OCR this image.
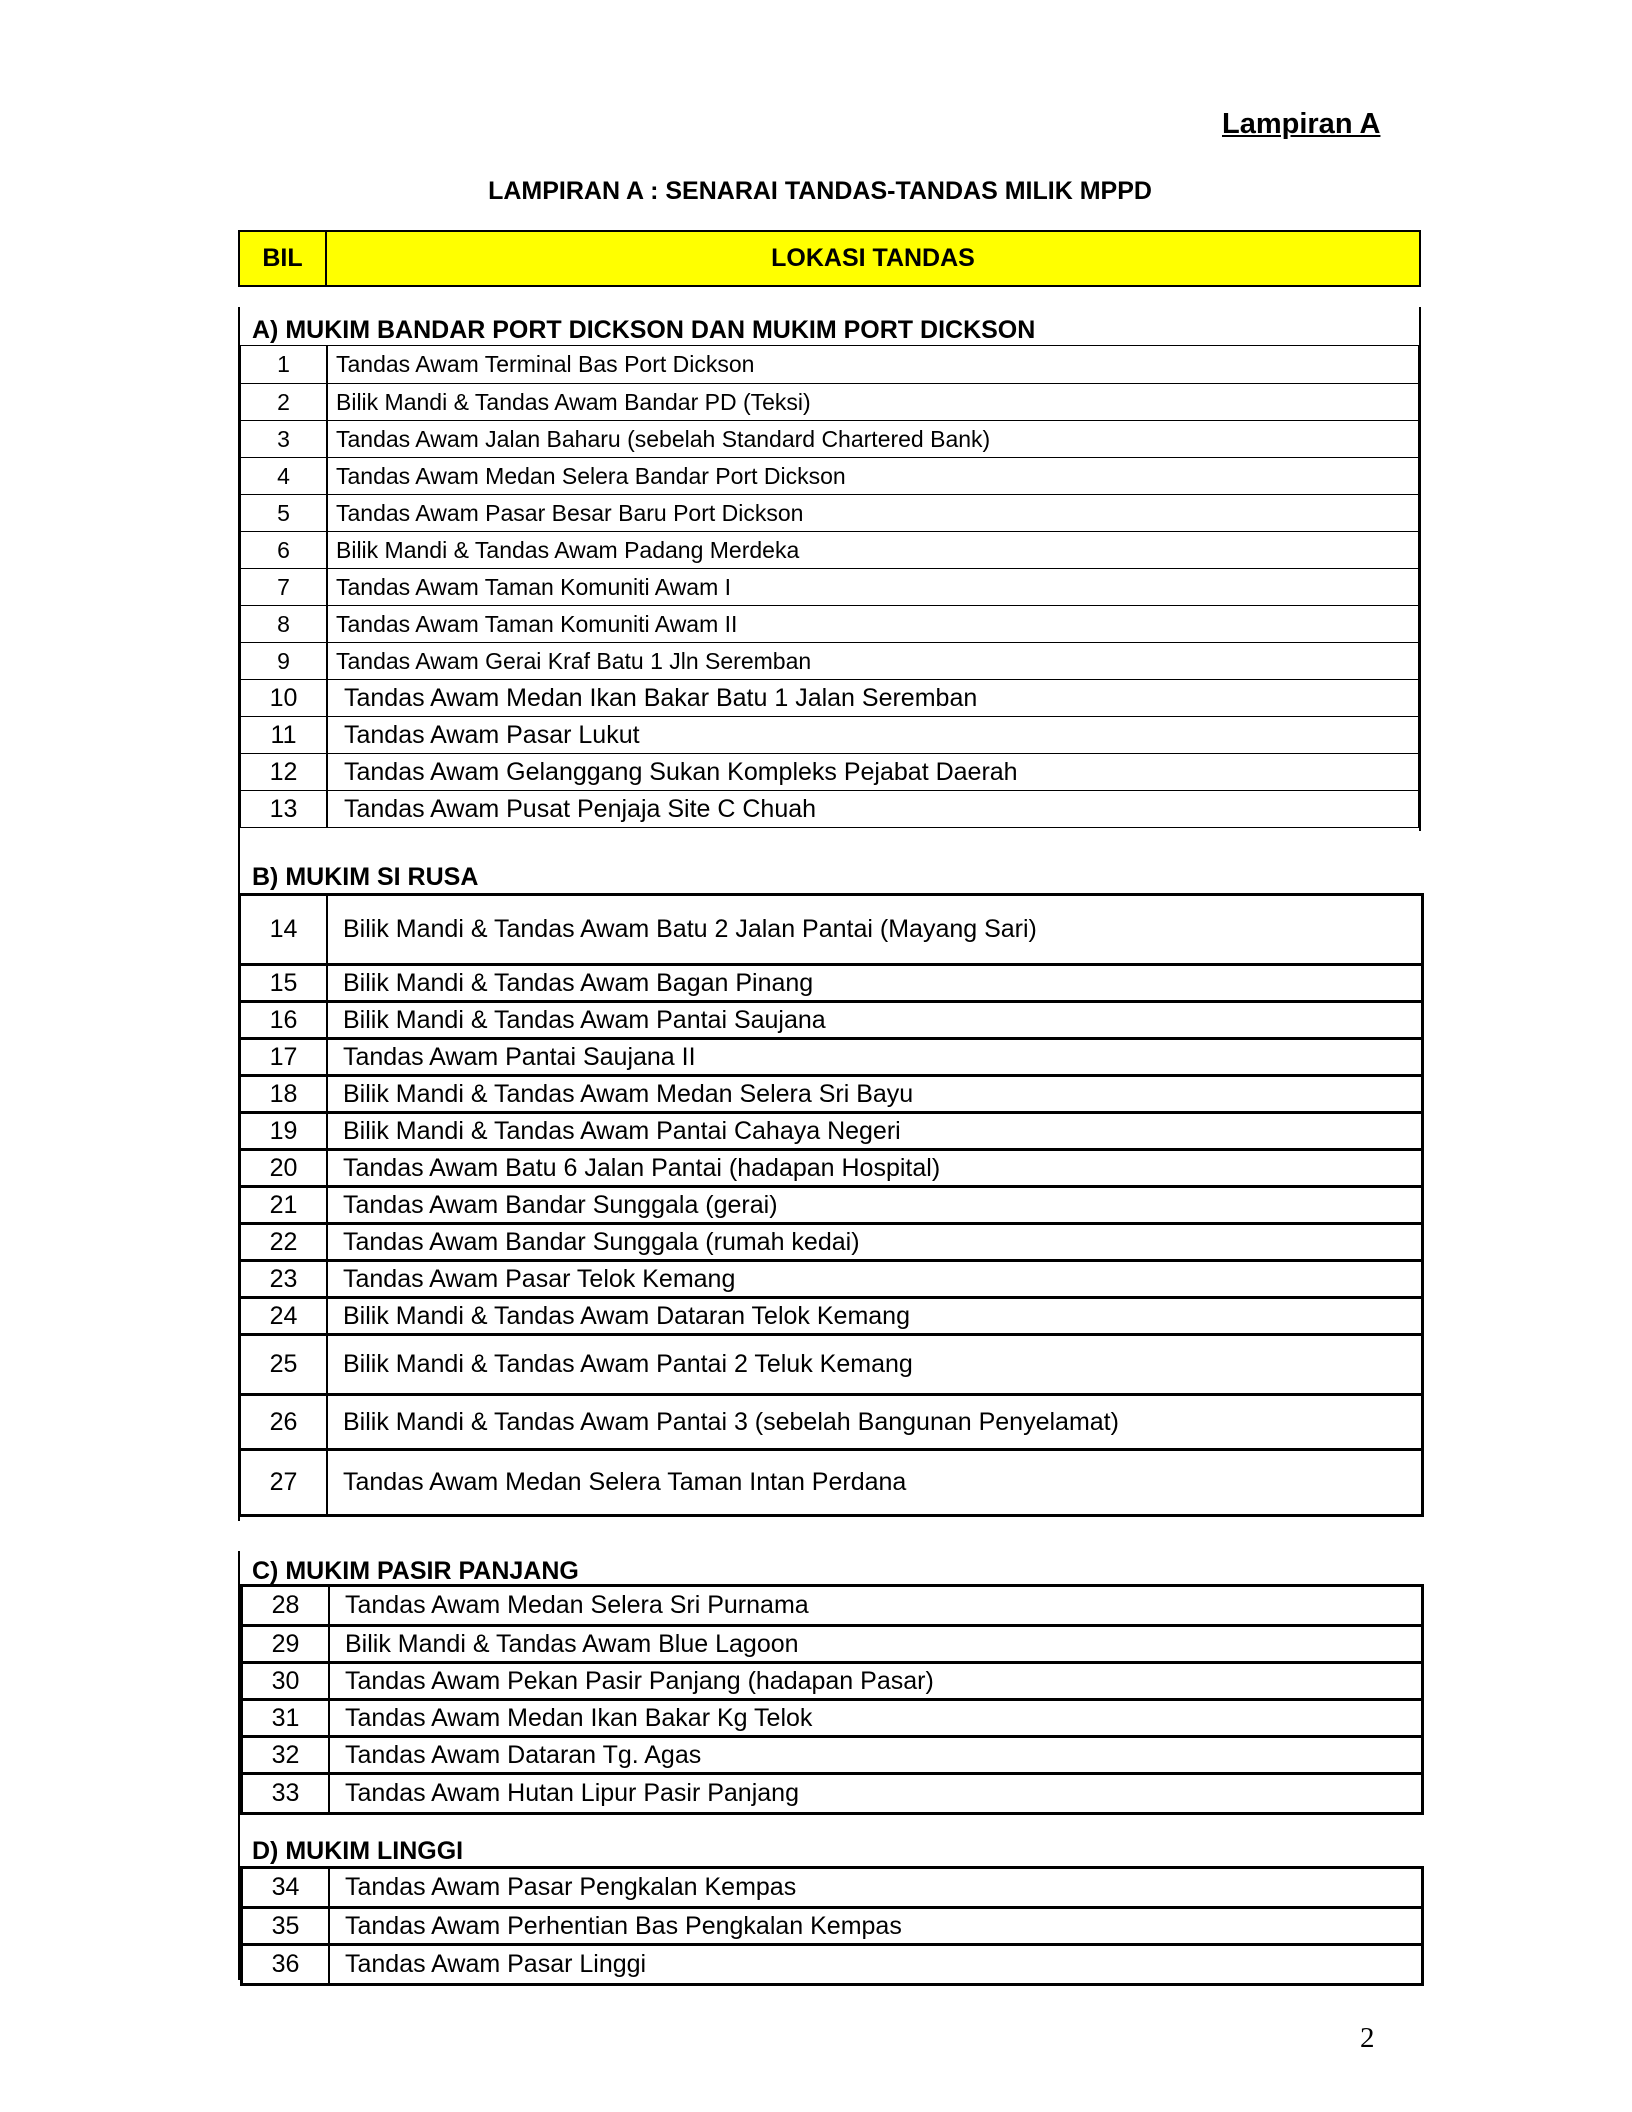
Lampiran A
LAMPIRAN A : SENARAI TANDAS-TANDAS MILIK MPPD
BIL	LOKASI TANDAS
A) MUKIM BANDAR PORT DICKSON DAN MUKIM PORT DICKSON
1	Tandas Awam Terminal Bas Port Dickson
2	Bilik Mandi & Tandas Awam Bandar PD (Teksi)
3	Tandas Awam Jalan Baharu (sebelah Standard Chartered Bank)
4	Tandas Awam Medan Selera Bandar Port Dickson
5	Tandas Awam Pasar Besar Baru Port Dickson
6	Bilik Mandi & Tandas Awam Padang Merdeka
7	Tandas Awam Taman Komuniti Awam I
8	Tandas Awam Taman Komuniti Awam II
9	Tandas Awam Gerai Kraf Batu 1 Jln Seremban
10	Tandas Awam Medan Ikan Bakar Batu 1 Jalan Seremban
11	Tandas Awam Pasar Lukut
12	Tandas Awam Gelanggang Sukan Kompleks Pejabat Daerah
13	Tandas Awam Pusat Penjaja Site C Chuah
B) MUKIM SI RUSA
14	Bilik Mandi & Tandas Awam Batu 2 Jalan Pantai (Mayang Sari)
15	Bilik Mandi & Tandas Awam Bagan Pinang
16	Bilik Mandi & Tandas Awam Pantai Saujana
17	Tandas Awam Pantai Saujana II
18	Bilik Mandi & Tandas Awam Medan Selera Sri Bayu
19	Bilik Mandi & Tandas Awam Pantai Cahaya Negeri
20	Tandas Awam Batu 6 Jalan Pantai (hadapan Hospital)
21	Tandas Awam Bandar Sunggala (gerai)
22	Tandas Awam Bandar Sunggala (rumah kedai)
23	Tandas Awam Pasar Telok Kemang
24	Bilik Mandi & Tandas Awam Dataran Telok Kemang
25	Bilik Mandi & Tandas Awam Pantai 2 Teluk Kemang
26	Bilik Mandi & Tandas Awam Pantai 3 (sebelah Bangunan Penyelamat)
27	Tandas Awam Medan Selera Taman Intan Perdana
C) MUKIM PASIR PANJANG
28	Tandas Awam Medan Selera Sri Purnama
29	Bilik Mandi & Tandas Awam Blue Lagoon
30	Tandas Awam Pekan Pasir Panjang (hadapan Pasar)
31	Tandas Awam Medan Ikan Bakar Kg Telok
32	Tandas Awam Dataran Tg. Agas
33	Tandas Awam Hutan Lipur Pasir Panjang
D) MUKIM LINGGI
34	Tandas Awam Pasar Pengkalan Kempas
35	Tandas Awam Perhentian Bas Pengkalan Kempas
36	Tandas Awam Pasar Linggi
2
